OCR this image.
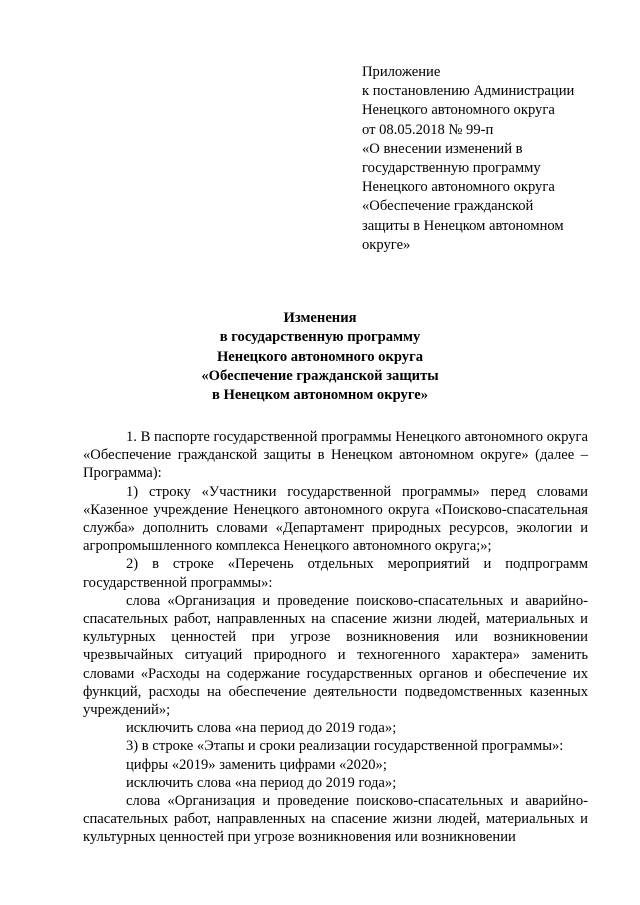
Приложение
к постановлению Администрации
Ненецкого автономного округа
от 08.05.2018 № 99-п
«О внесении изменений в
государственную программу
Ненецкого автономного округа
«Обеспечение гражданской
защиты в Ненецком автономном
округе»
Изменения
в государственную программу
Ненецкого автономного округа
«Обеспечение гражданской защиты
в Ненецком автономном округе»

1. В паспорте государственной программы Ненецкого автономного округа «Обеспечение гражданской защиты в Ненецком автономном округе» (далее – Программа):

1) строку «Участники государственной программы» перед словами «Казенное учреждение Ненецкого автономного округа «Поисково-спасательная служба» дополнить словами «Департамент природных ресурсов, экологии и агропромышленного комплекса Ненецкого автономного округа;»;

2) в строке «Перечень отдельных мероприятий и подпрограмм государственной программы»:

слова «Организация и проведение поисково-спасательных и аварийно-спасательных работ, направленных на спасение жизни людей, материальных и культурных ценностей при угрозе возникновения или возникновении чрезвычайных ситуаций природного и техногенного характера» заменить словами «Расходы на содержание государственных органов и обеспечение их функций, расходы на обеспечение деятельности подведомственных казенных учреждений»;

исключить слова «на период до 2019 года»;

3) в строке «Этапы и сроки реализации государственной программы»:

цифры «2019» заменить цифрами «2020»;

исключить слова «на период до 2019 года»;

слова «Организация и проведение поисково-спасательных и аварийно-спасательных работ, направленных на спасение жизни людей, материальных и культурных ценностей при угрозе возникновения или возникновении
